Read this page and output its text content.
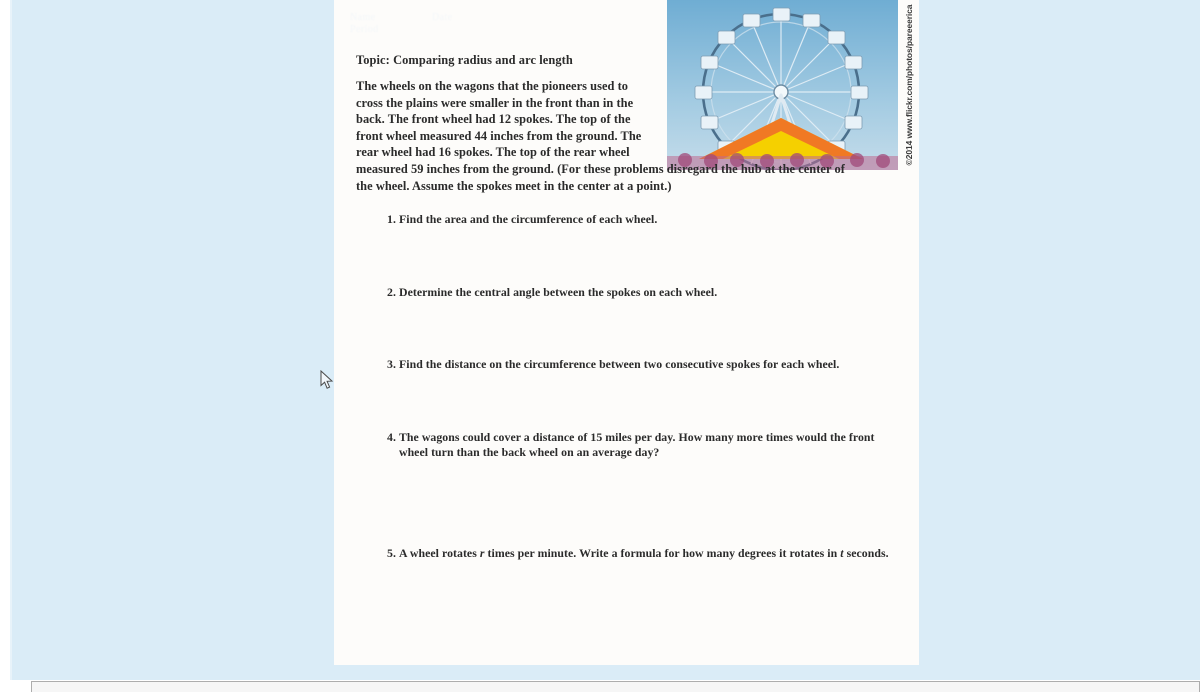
Name	Date
Period	©2014 www.flickr.com/photos/pareeerica
Topic: Comparing radius and arc length
The wheels on the wagons that the pioneers used to
cross the plains were smaller in the front than in the
back. The front wheel had 12 spokes. The top of the
front wheel measured 44 inches from the ground. The
rear wheel had 16 spokes. The top of the rear wheel
measured 59 inches from the ground. (For these problems disregard the hub at the center of
the wheel. Assume the spokes meet in the center at a point.)
1. Find the area and the circumference of each wheel.
2. Determine the central angle between the spokes on each wheel.
3. Find the distance on the circumference between two consecutive spokes for each wheel.
4. The wagons could cover a distance of 15 miles per day. How many more times would the front wheel turn than the back wheel on an average day?
5. A wheel rotates r times per minute. Write a formula for how many degrees it rotates in t seconds.
